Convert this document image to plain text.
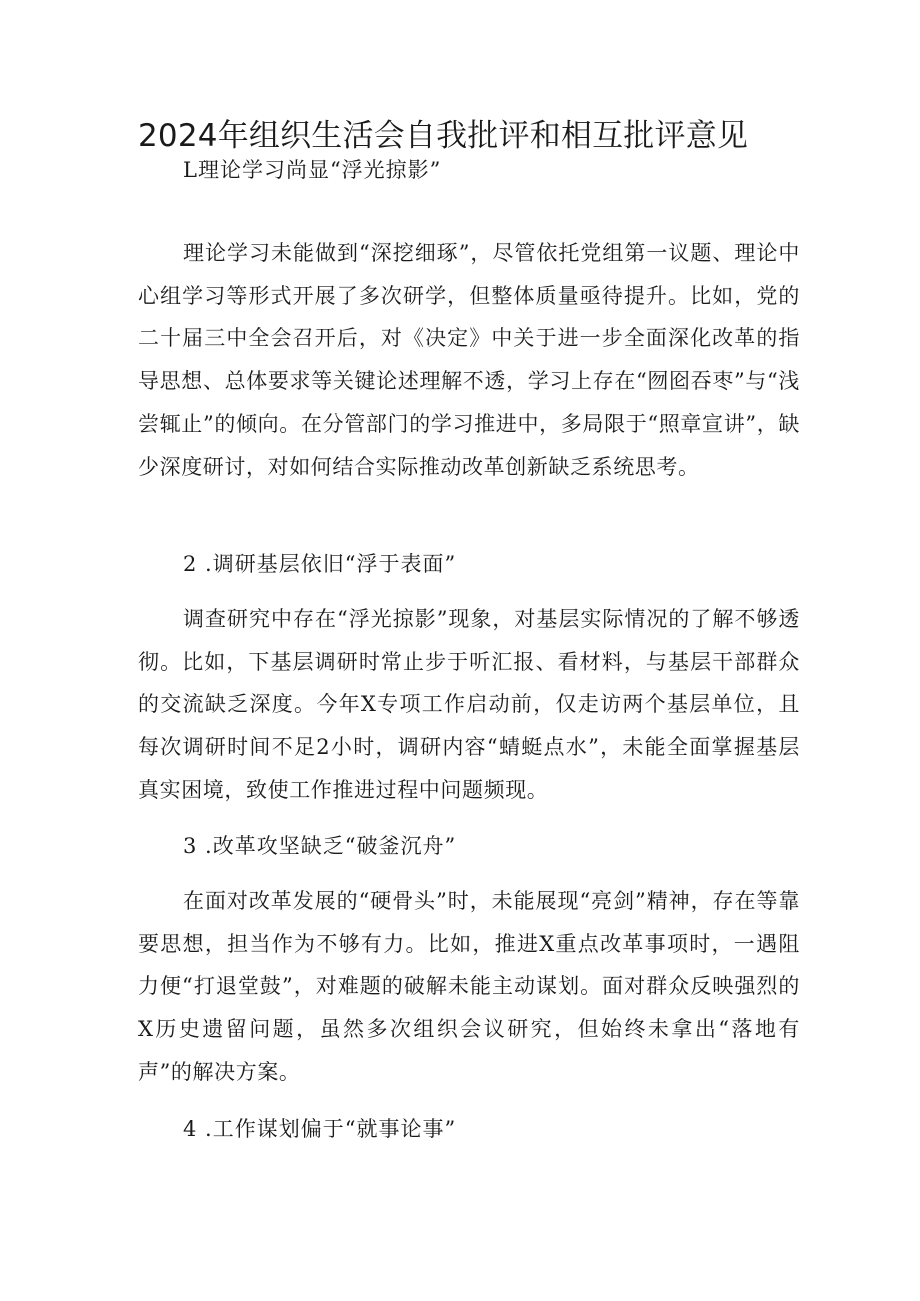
2024年组织生活会自我批评和相互批评意见

L理论学习尚显“浮光掠影”

理论学习未能做到“深挖细琢”，尽管依托党组第一议题、理论中心组学习等形式开展了多次研学，但整体质量亟待提升。比如，党的二十届三中全会召开后，对《决定》中关于进一步全面深化改革的指导思想、总体要求等关键论述理解不透，学习上存在“囫囵吞枣”与“浅尝辄止”的倾向。在分管部门的学习推进中，多局限于“照章宣讲”，缺少深度研讨，对如何结合实际推动改革创新缺乏系统思考。

2 .调研基层依旧“浮于表面”

调查研究中存在“浮光掠影”现象，对基层实际情况的了解不够透彻。比如，下基层调研时常止步于听汇报、看材料，与基层干部群众的交流缺乏深度。今年X专项工作启动前，仅走访两个基层单位，且每次调研时间不足2小时，调研内容“蜻蜓点水”，未能全面掌握基层真实困境，致使工作推进过程中问题频现。

3 .改革攻坚缺乏“破釜沉舟”

在面对改革发展的“硬骨头”时，未能展现“亮剑”精神，存在等靠要思想，担当作为不够有力。比如，推进X重点改革事项时，一遇阻力便“打退堂鼓”，对难题的破解未能主动谋划。面对群众反映强烈的X历史遗留问题，虽然多次组织会议研究，但始终未拿出“落地有声”的解决方案。

4 .工作谋划偏于“就事论事”
